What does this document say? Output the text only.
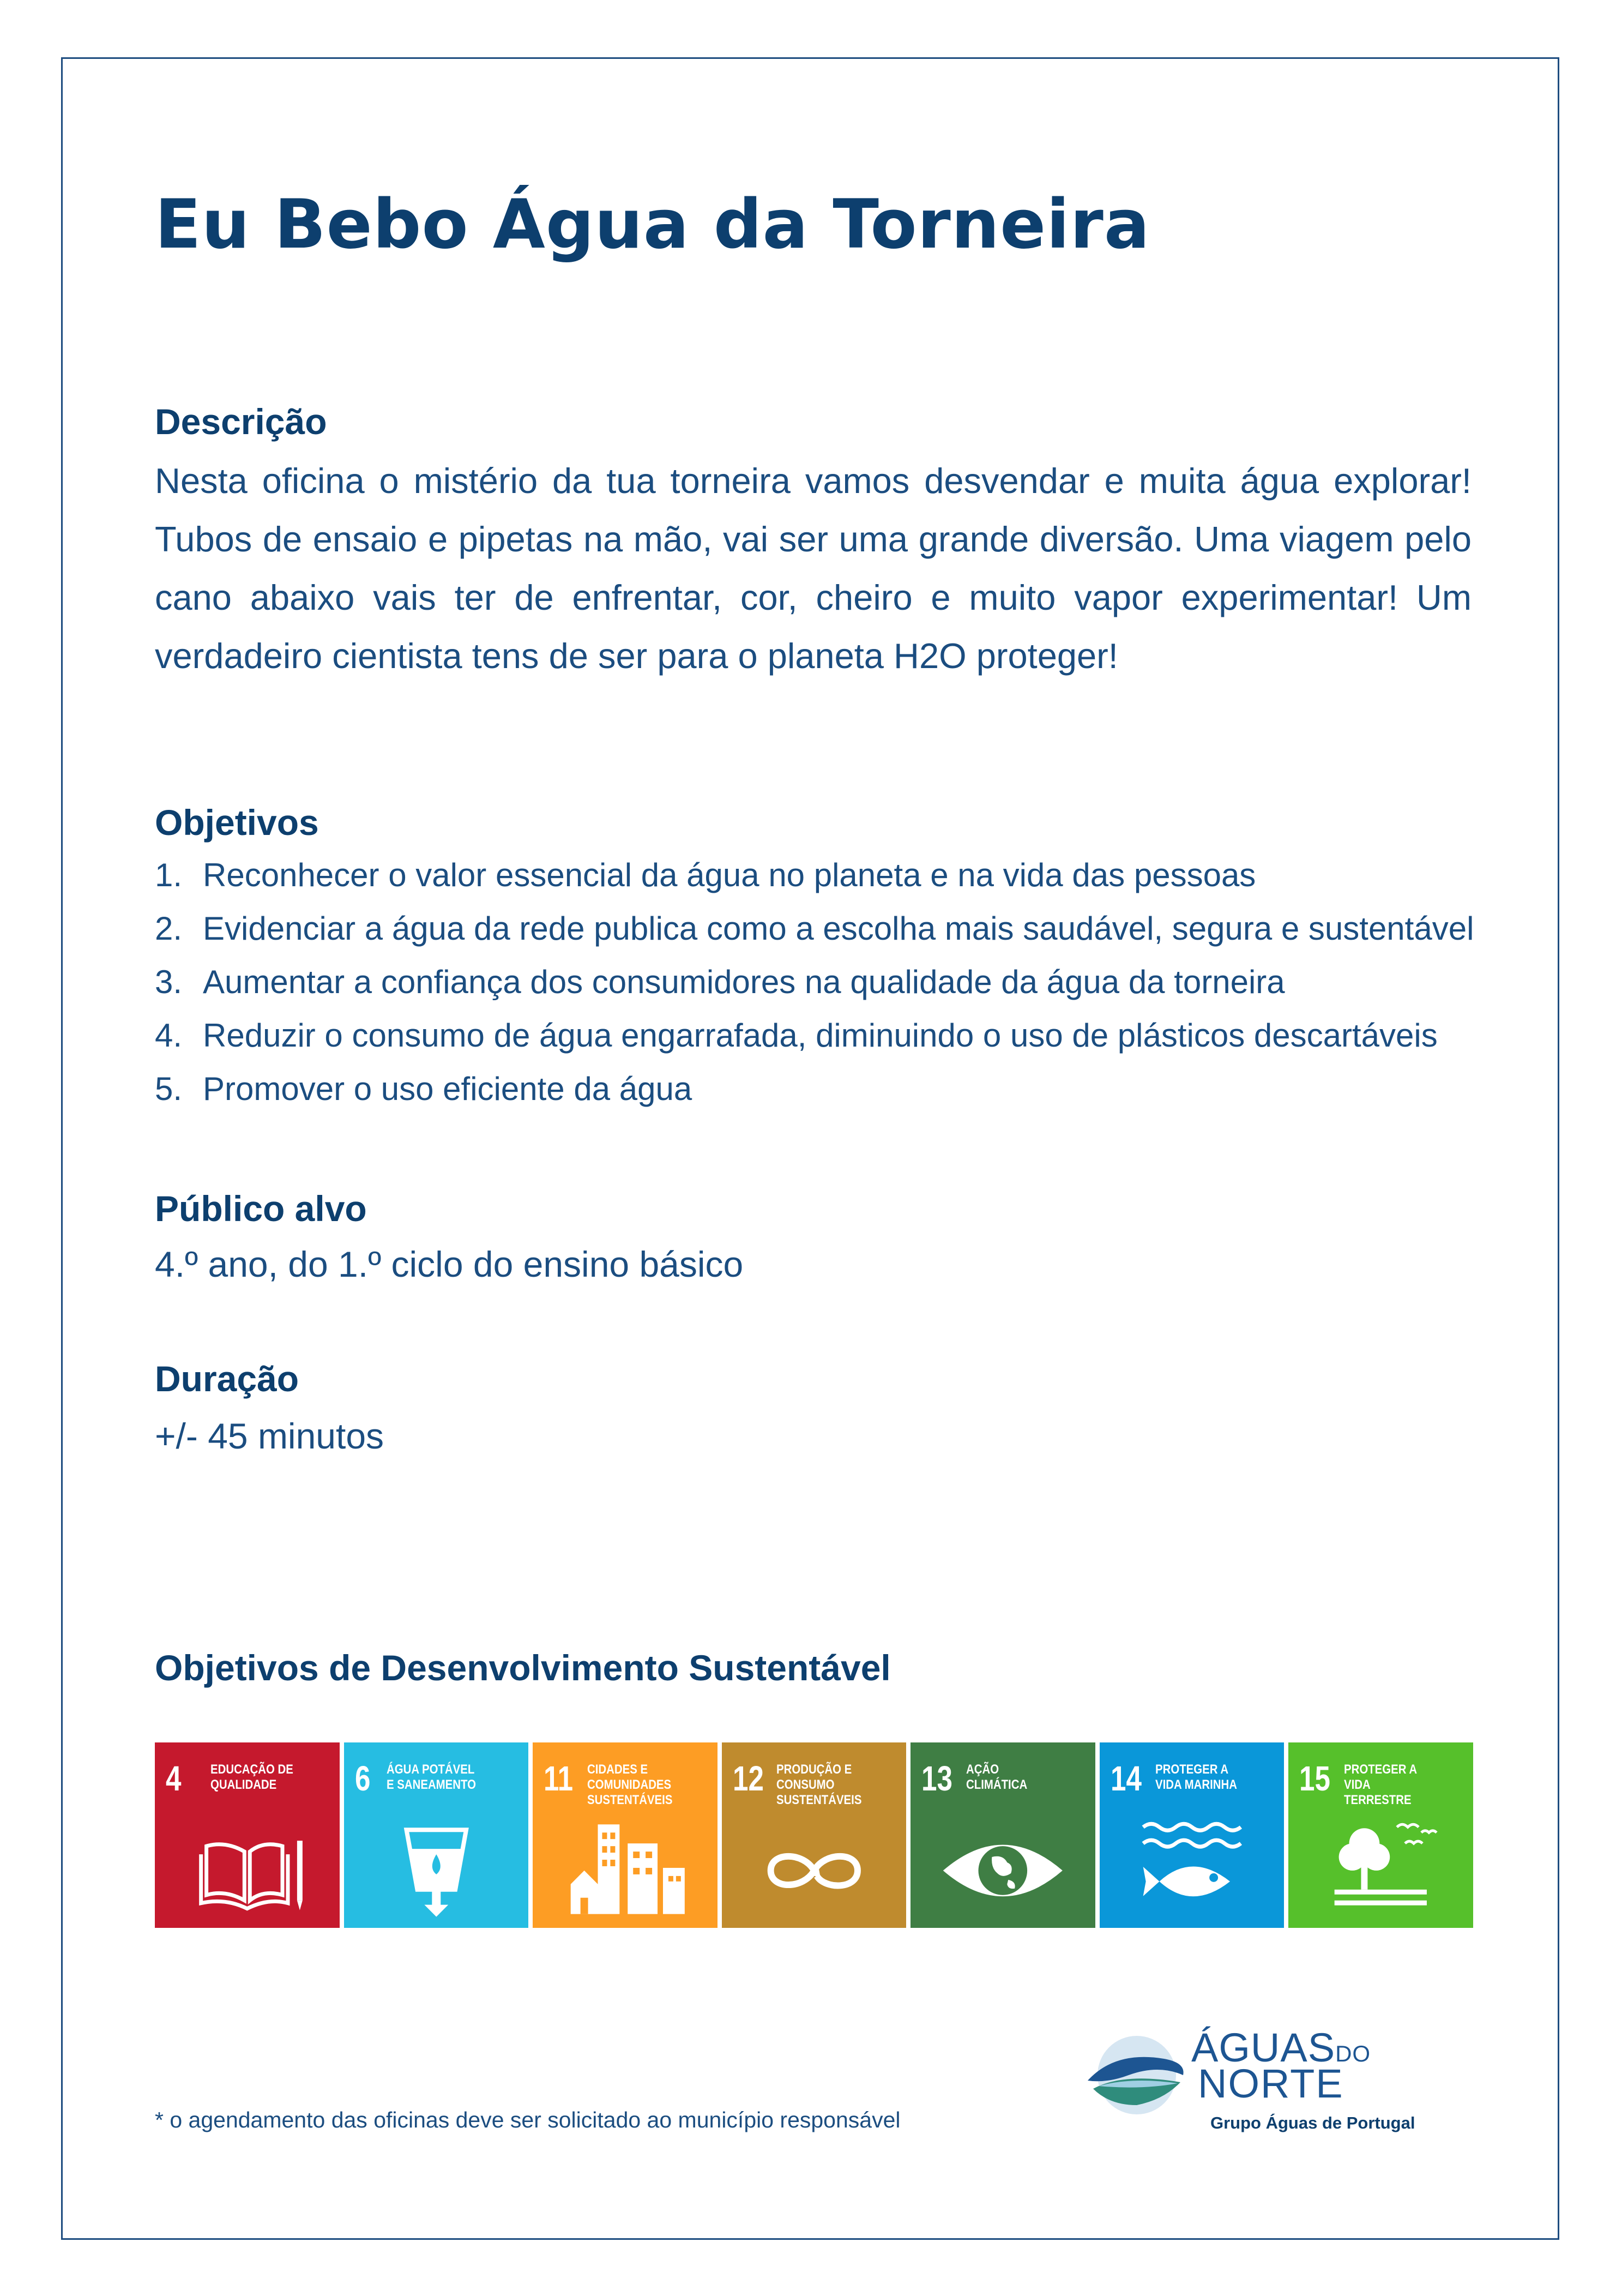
Eu Bebo Água da Torneira
Descrição

Nesta oficina o mistério da tua torneira vamos desvendar e muita água explorar! Tubos de ensaio e pipetas na mão, vai ser uma grande diversão. Uma viagem pelo cano abaixo vais ter de enfrentar, cor, cheiro e muito vapor experimentar! Um verdadeiro cientista tens de ser para o planeta H2O proteger!

Objetivos
1. Reconhecer o valor essencial da água no planeta e na vida das pessoas
2. Evidenciar a água da rede publica como a escolha mais saudável, segura e sustentável
3. Aumentar a confiança dos consumidores na qualidade da água da torneira
4. Reduzir o consumo de água engarrafada, diminuindo o uso de plásticos descartáveis
5. Promover o uso eficiente da água
Público alvo

4.º ano, do 1.º ciclo do ensino básico

Duração

+/- 45 minutos

Objetivos de Desenvolvimento Sustentável
4 EDUCAÇÃO DE QUALIDADE	6 ÁGUA POTÁVEL E SANEAMENTO 11 CIDADES E COMUNIDADES SUSTENTÁVEIS
12 PRODUÇÃO E CONSUMO SUSTENTÁVEIS
13 AÇÃO CLIMÁTICA	14 PROTEGER A VIDA MARINHA	15 PROTEGER A VIDA TERRESTRE

* o agendamento das oficinas deve ser solicitado ao município responsável

ÁGUASDO
NORTE
Grupo Águas de Portugal
